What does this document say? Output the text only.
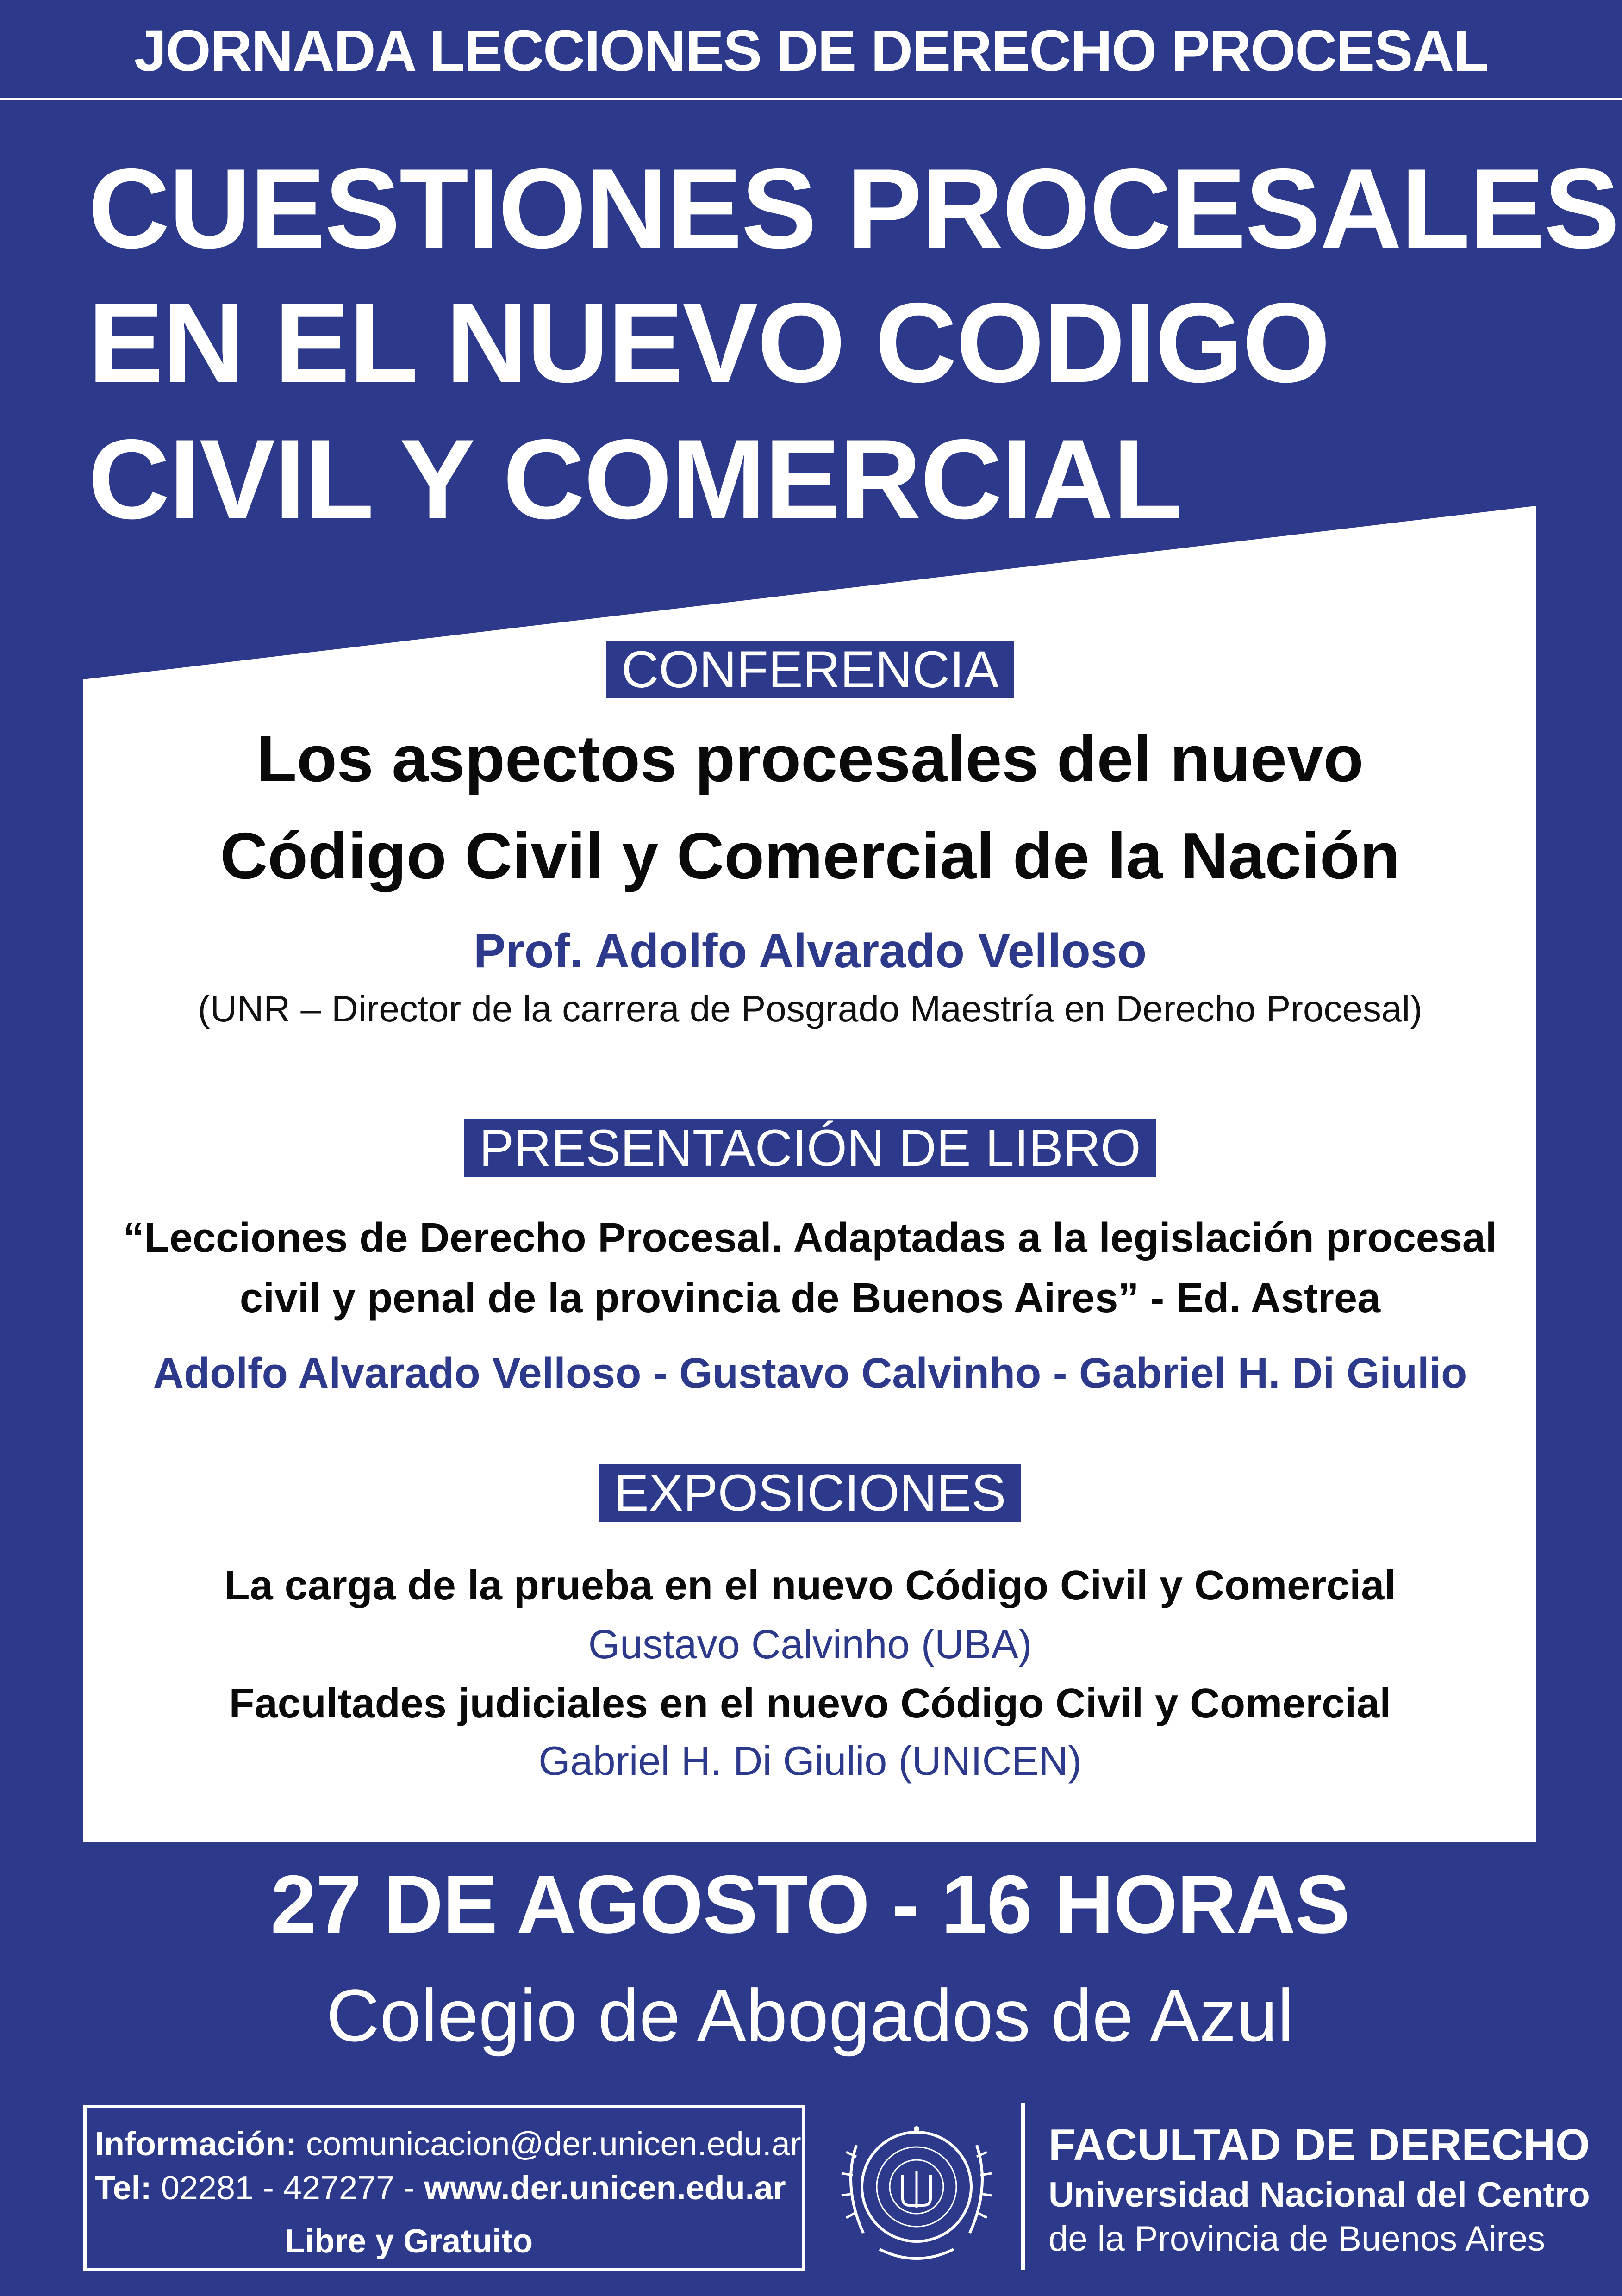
JORNADA LECCIONES DE DERECHO PROCESAL
CUESTIONES PROCESALES
EN EL NUEVO CODIGO
CIVIL Y COMERCIAL
CONFERENCIA
Los aspectos procesales del nuevo
Código Civil y Comercial de la Nación
Prof. Adolfo Alvarado Velloso
(UNR – Director de la carrera de Posgrado Maestría en Derecho Procesal)
PRESENTACIÓN DE LIBRO
“Lecciones de Derecho Procesal. Adaptadas a la legislación procesal
civil y penal de la provincia de Buenos Aires” - Ed. Astrea
Adolfo Alvarado Velloso - Gustavo Calvinho - Gabriel H. Di Giulio
EXPOSICIONES
La carga de la prueba en el nuevo Código Civil y Comercial
Gustavo Calvinho (UBA)
Facultades judiciales en el nuevo Código Civil y Comercial
Gabriel H. Di Giulio (UNICEN)
27 DE AGOSTO - 16 HORAS
Colegio de Abogados de Azul
Información: comunicacion@der.unicen.edu.ar
Tel: 02281 - 427277 - www.der.unicen.edu.ar
Libre y Gratuito
FACULTAD DE DERECHO
Universidad Nacional del Centro
de la Provincia de Buenos Aires
